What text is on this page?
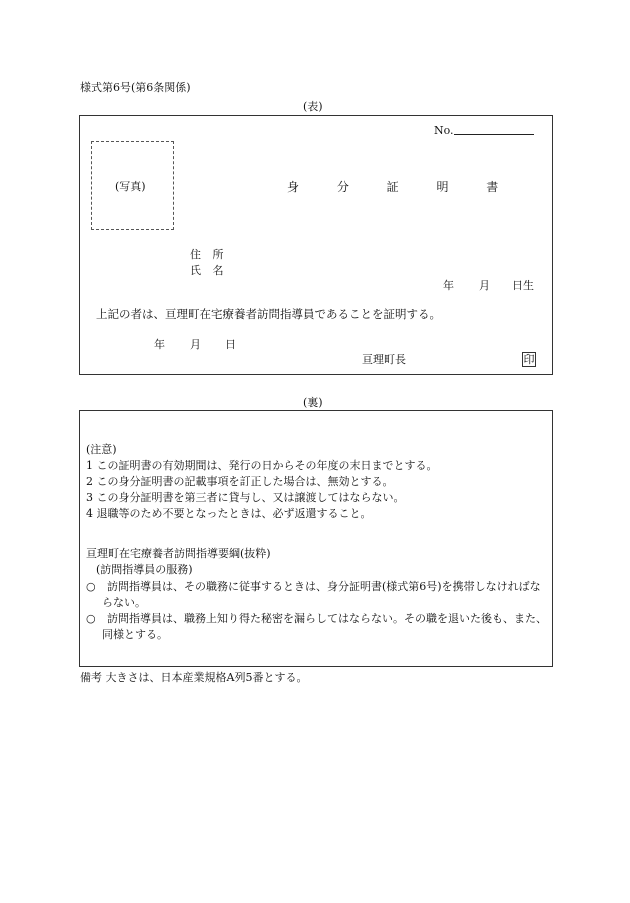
様式第6号(第6条関係)
(表)
No.
(写真)	身 分 証 明 書
住 所
氏 名
年 月 日生
上記の者は、亘理町在宅療養者訪問指導員であることを証明する。
年 月 日
亘理町長	印
(裏)
(注意)
1 この証明書の有効期間は、発行の日からその年度の末日までとする。
2 この身分証明書の記載事項を訂正した場合は、無効とする。
3 この身分証明書を第三者に貸与し、又は譲渡してはならない。
4 退職等のため不要となったときは、必ず返還すること。
亘理町在宅療養者訪問指導要綱(抜粋)
(訪問指導員の服務)
○	訪問指導員は、その職務に従事するときは、身分証明書(様式第6号)を携帯しなければならない。
○	訪問指導員は、職務上知り得た秘密を漏らしてはならない。その職を退いた後も、また、同様とする。
備考 大きさは、日本産業規格A列5番とする。
